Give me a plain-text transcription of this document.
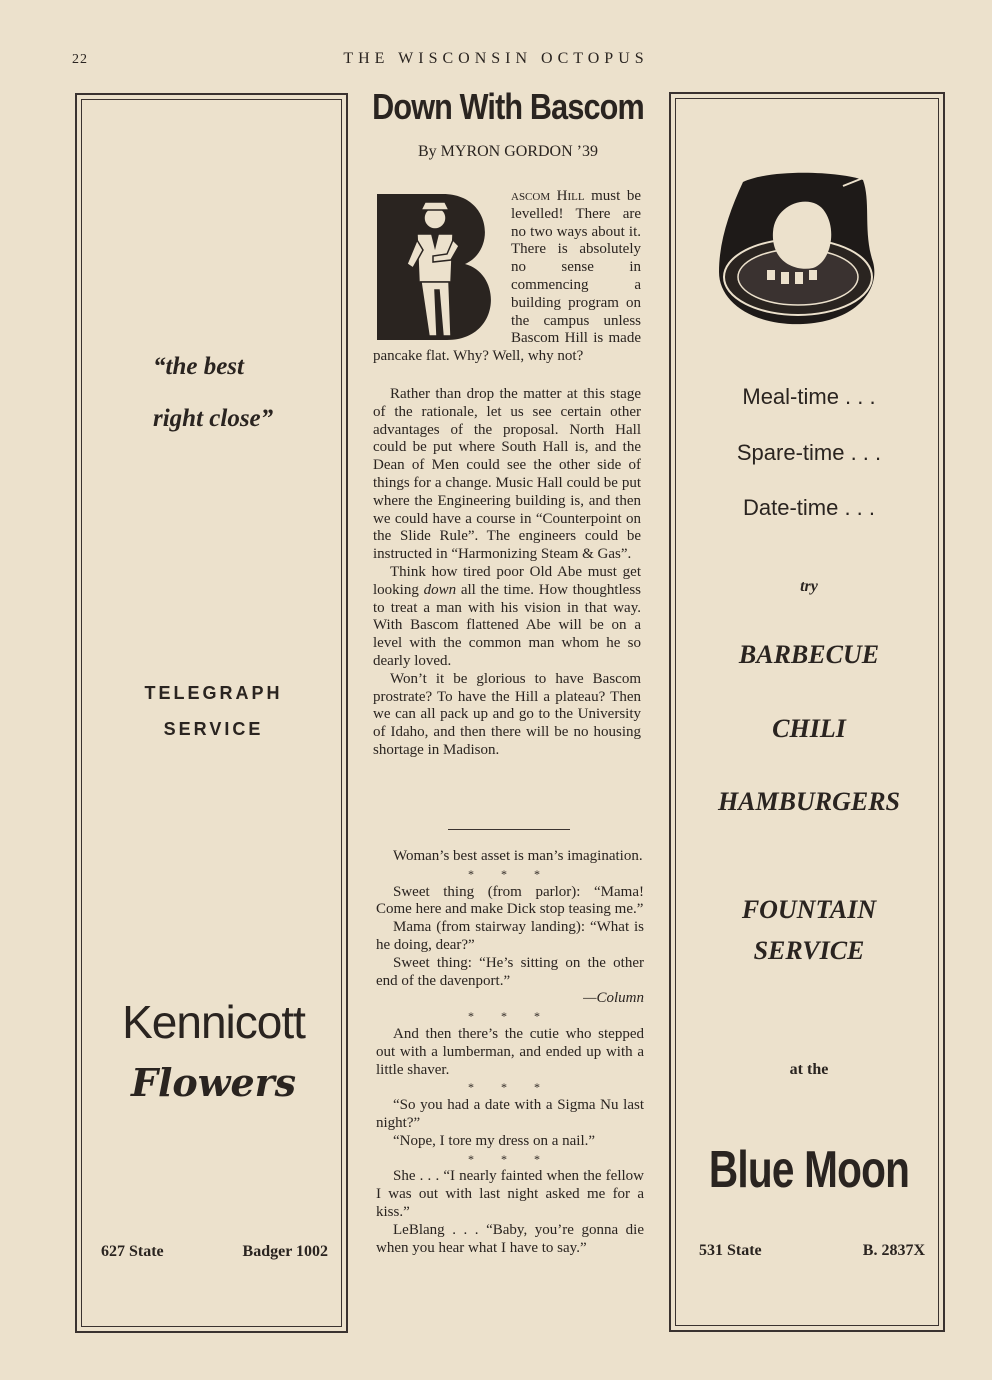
22	THE WISCONSIN OCTOPUS
“the best
right close”
TELEGRAPH
SERVICE
Kennicott
Flowers
627 State	Badger 1002
Down With Bascom
By MYRON GORDON ’39
ascom Hill must be levelled! There are no two ways about it. There is absolutely no sense in commencing a building program on the campus unless Bascom Hill is made pancake flat. Why? Well, why not?

Rather than drop the matter at this stage of the rationale, let us see certain other advantages of the proposal. North Hall could be put where South Hall is, and the Dean of Men could see the other side of things for a change. Music Hall could be put where the Engineering building is, and then we could have a course in “Counterpoint on the Slide Rule”. The engineers could be instructed in “Harmonizing Steam & Gas”.

Think how tired poor Old Abe must get looking down all the time. How thoughtless to treat a man with his vision in that way. With Bascom flattened Abe will be on a level with the common man whom he so dearly loved.

Won’t it be glorious to have Bascom prostrate? To have the Hill a plateau? Then we can all pack up and go to the University of Idaho, and then there will be no housing shortage in Madison.

Woman’s best asset is man’s imagination.

* * *

Sweet thing (from parlor): “Mama! Come here and make Dick stop teasing me.”

Mama (from stairway landing): “What is he doing, dear?”

Sweet thing: “He’s sitting on the other end of the davenport.”

—Column

* * *

And then there’s the cutie who stepped out with a lumberman, and ended up with a little shaver.

* * *

“So you had a date with a Sigma Nu last night?”

“Nope, I tore my dress on a nail.”

* * *

She . . . “I nearly fainted when the fellow I was out with last night asked me for a kiss.”

LeBlang . . . “Baby, you’re gonna die when you hear what I have to say.”

Meal-time . . .
Spare-time . . .
Date-time . . .
try
BARBECUE
CHILI
HAMBURGERS
FOUNTAIN
SERVICE
at the
Blue Moon
531 State	B. 2837X
